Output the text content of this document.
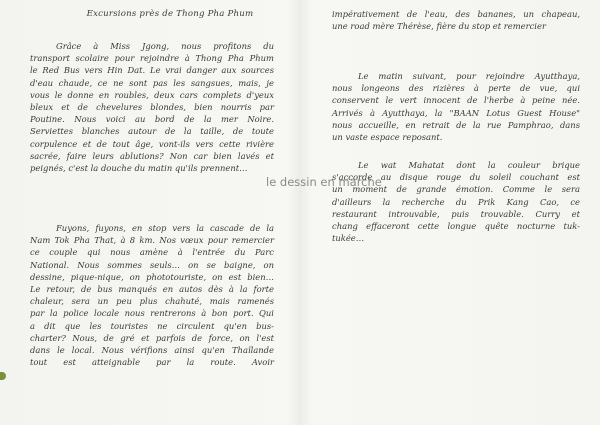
Excursions près de Thong Pha Phum

Grâce à Miss Jgong, nous profitons du
transport scolaire pour rejoindre à Thong Pha Phum
le Red Bus vers Hin Dat. Le vrai danger aux sources
d'eau chaude, ce ne sont pas les sangsues, mais, je
vous le donne en roubles, deux cars complets d'yeux
bleux et de chevelures blondes, bien nourris par
Poutine. Nous voici au bord de la mer Noire.
Serviettes blanches autour de la taille, de toute
corpulence et de tout âge, vont-ils vers cette rivière
sacrée, faire leurs ablutions? Non car bien lavés et
peignés, c'est la douche du matin qu'ils prennent…

Fuyons, fuyons, en stop vers la cascade de la
Nam Tok Pha That, à 8 km. Nos vœux pour remercier
ce couple qui nous amène à l'entrée du Parc
National. Nous sommes seuls… on se baigne, on
dessine, pique-nique, on phototouriste, on est bien…
Le retour, de bus manqués en autos dès à la forte
chaleur, sera un peu plus chahuté, mais ramenés
par la police locale nous rentrerons à bon port. Qui
a dit que les touristes ne circulent qu'en bus-
charter? Nous, de gré et parfois de force, on l'est
dans le local. Nous vérifions ainsi qu'en Thaïlande
tout est atteignable par la route. Avoir

impérativement de l'eau, des bananes, un chapeau,
une road mère Thérèse, fière du stop et remercier

Le matin suivant, pour rejoindre Ayutthaya,
nous longeons des rizières à perte de vue, qui
conservent le vert innocent de l'herbe à peine née.
Arrivés à Ayutthaya, la "BAAN Lotus Guest House"
nous accueille, en retrait de la rue Pamphrao, dans
un vaste espace reposant.

Le wat Mahatat dont la couleur brique
s'accorde au disque rouge du soleil couchant est
un moment de grande émotion. Comme le sera
d'ailleurs la recherche du Prik Kang Cao, ce
restaurant introuvable, puis trouvable. Curry et
chang effaceront cette longue quête nocturne tuk-
tukée…

le dessin en marche
